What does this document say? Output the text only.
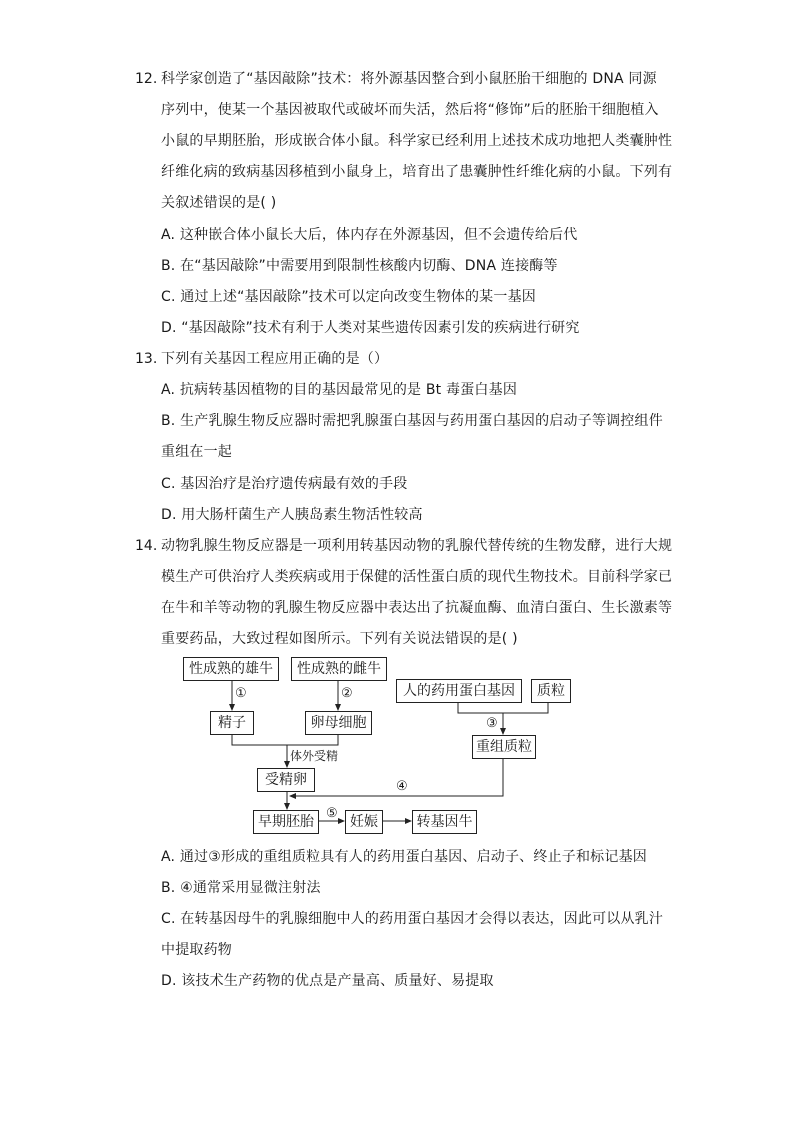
12. 科学家创造了“基因敲除”技术：将外源基因整合到小鼠胚胎干细胞的 DNA 同源
序列中，使某一个基因被取代或破坏而失活，然后将“修饰”后的胚胎干细胞植入
小鼠的早期胚胎，形成嵌合体小鼠。科学家已经利用上述技术成功地把人类囊肿性
纤维化病的致病基因移植到小鼠身上，培育出了患囊肿性纤维化病的小鼠。下列有
关叙述错误的是( )
A. 这种嵌合体小鼠长大后，体内存在外源基因，但不会遗传给后代
B. 在“基因敲除”中需要用到限制性核酸内切酶、DNA 连接酶等
C. 通过上述“基因敲除”技术可以定向改变生物体的某一基因
D. “基因敲除”技术有利于人类对某些遗传因素引发的疾病进行研究
13. 下列有关基因工程应用正确的是（）
A. 抗病转基因植物的目的基因最常见的是 Bt 毒蛋白基因
B. 生产乳腺生物反应器时需把乳腺蛋白基因与药用蛋白基因的启动子等调控组件
重组在一起
C. 基因治疗是治疗遗传病最有效的手段
D. 用大肠杆菌生产人胰岛素生物活性较高
14. 动物乳腺生物反应器是一项利用转基因动物的乳腺代替传统的生物发酵，进行大规
模生产可供治疗人类疾病或用于保健的活性蛋白质的现代生物技术。目前科学家已
在牛和羊等动物的乳腺生物反应器中表达出了抗凝血酶、血清白蛋白、生长激素等
重要药品，大致过程如图所示。下列有关说法错误的是( )
性成熟的雄牛	性成熟的雌牛
人的药用蛋白基因	质粒
精子	卵母细胞
重组质粒
受精卵
早期胚胎	妊娠	转基因牛
①	②
③
④
⑤
体外受精
A. 通过③形成的重组质粒具有人的药用蛋白基因、启动子、终止子和标记基因
B. ④通常采用显微注射法
C. 在转基因母牛的乳腺细胞中人的药用蛋白基因才会得以表达，因此可以从乳汁
中提取药物
D. 该技术生产药物的优点是产量高、质量好、易提取
